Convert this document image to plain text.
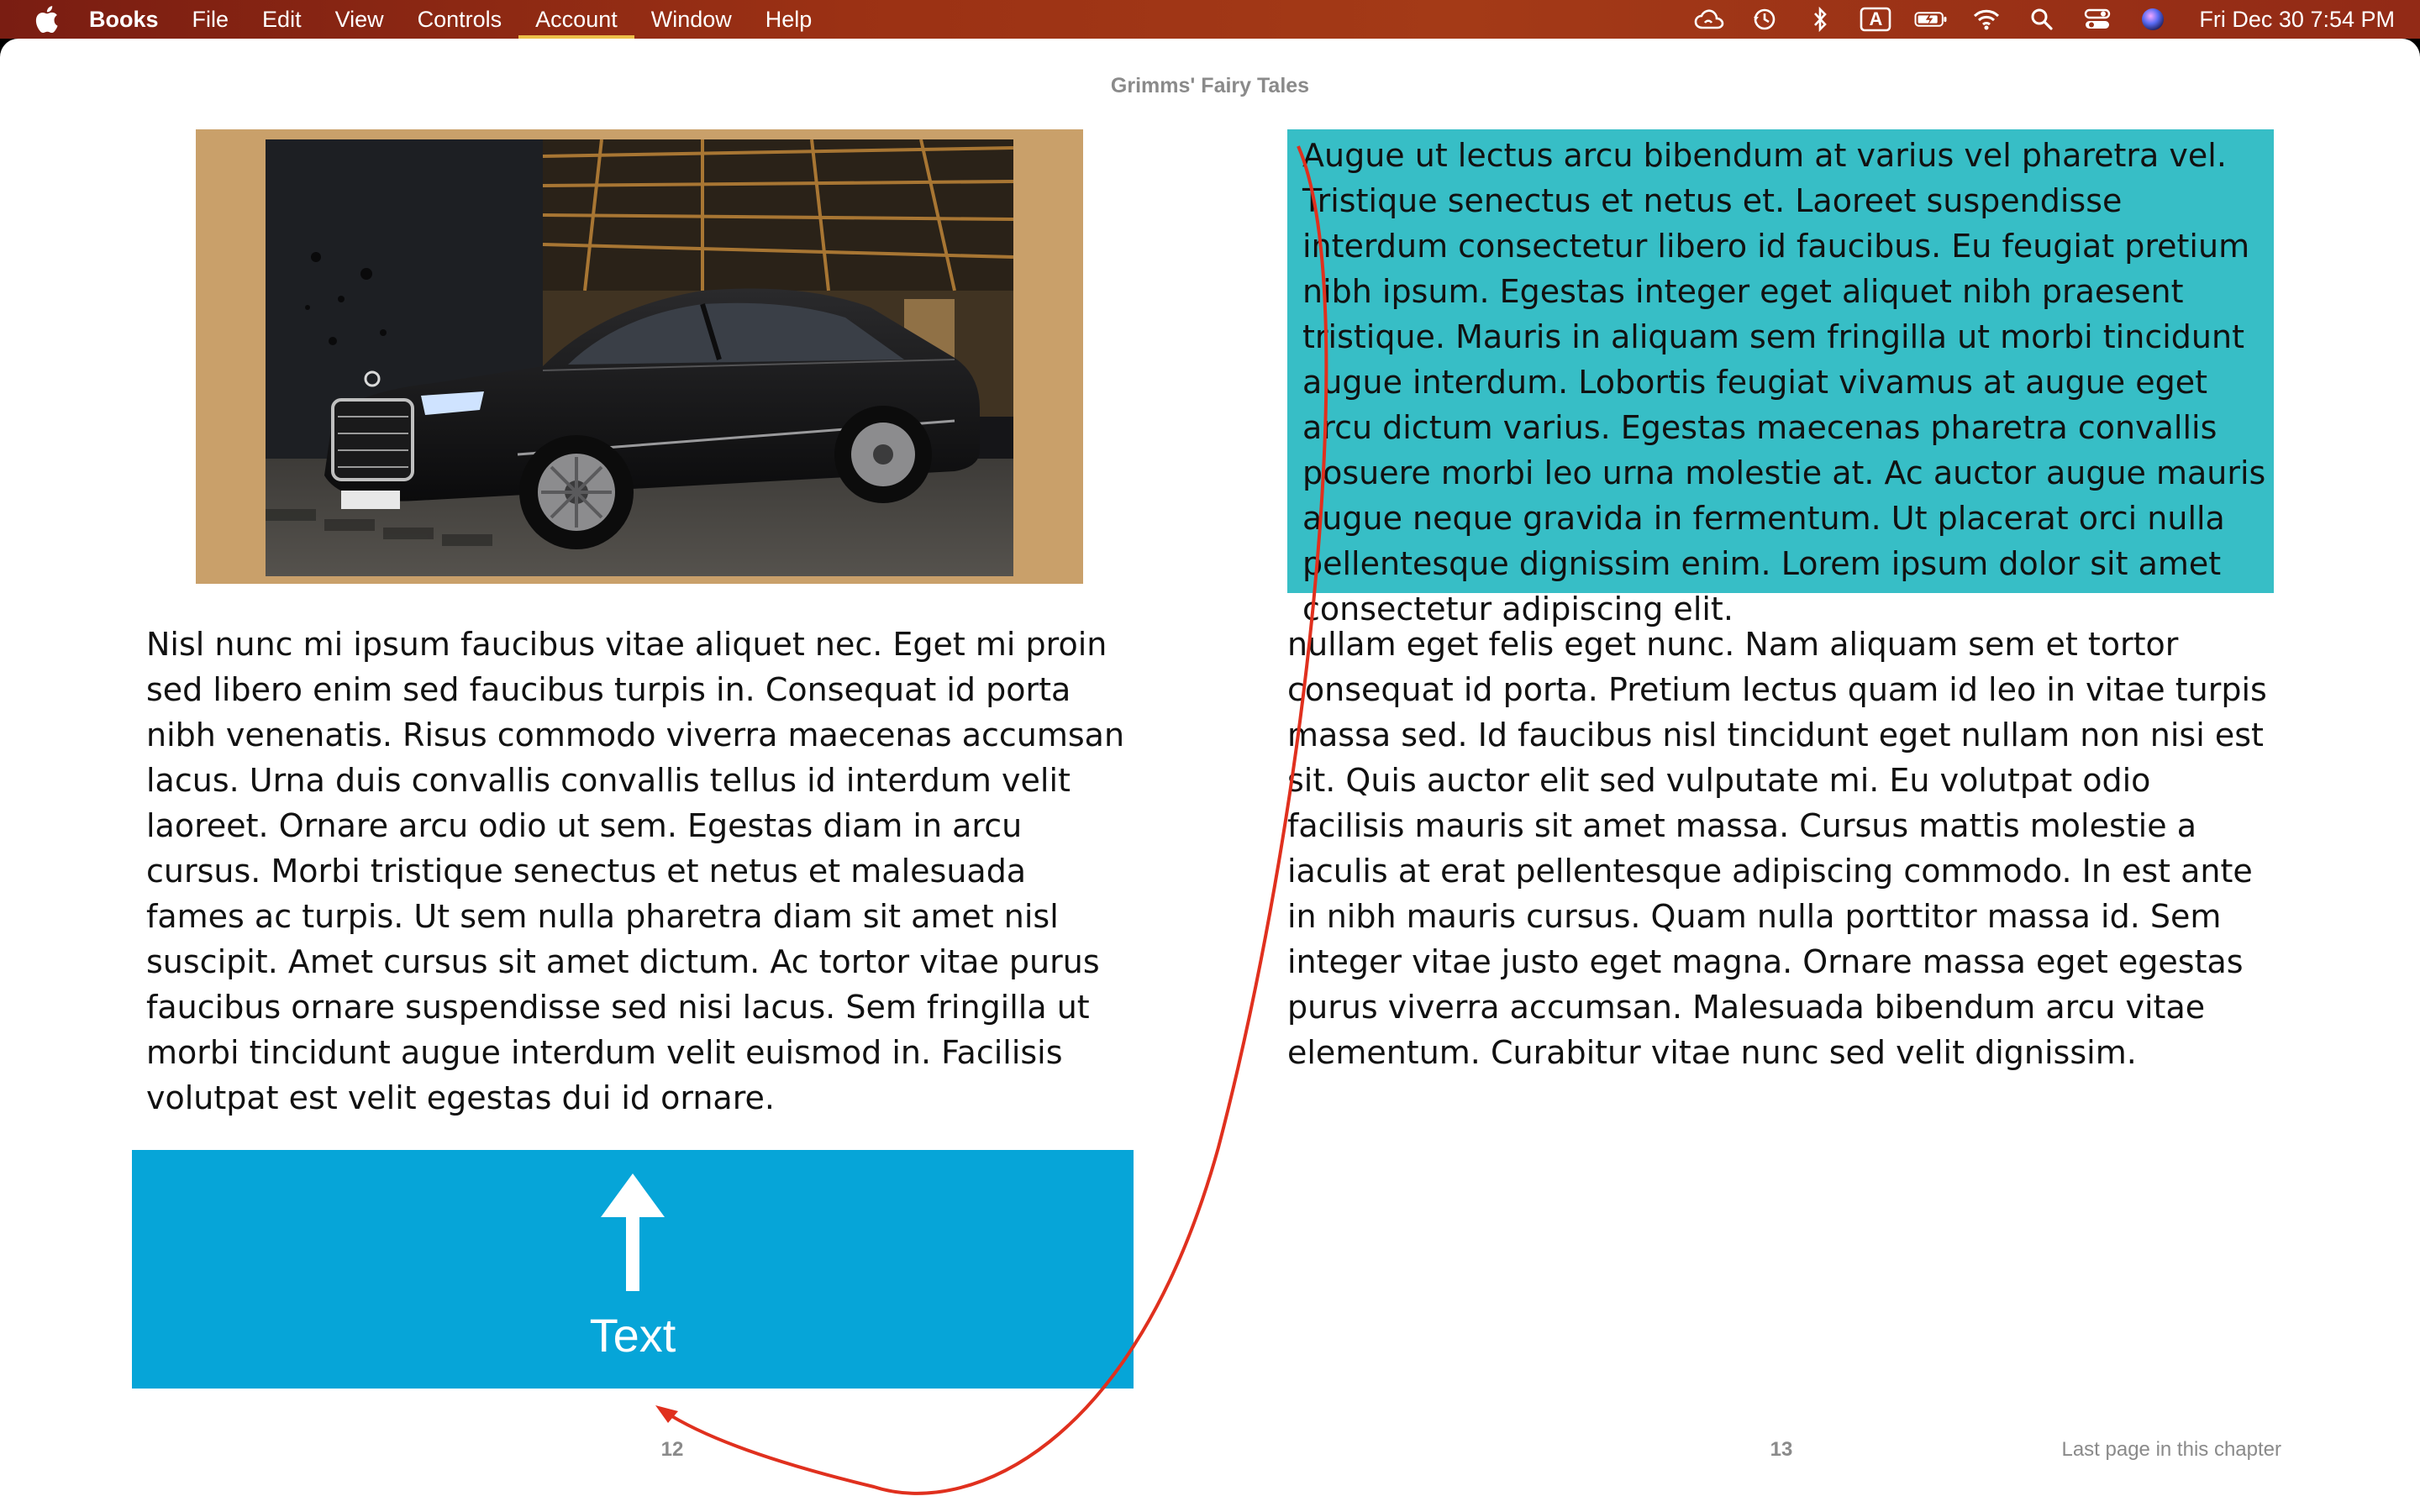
Books	File	Edit	View	Controls	Account	Window	Help	A	Fri Dec 30 7:54 PM
Grimms' Fairy Tales

Nisl nunc mi ipsum faucibus vitae aliquet nec. Eget mi proin sed libero enim sed faucibus turpis in. Consequat id porta nibh venenatis. Risus commodo viverra maecenas accumsan lacus. Urna duis convallis convallis tellus id interdum velit laoreet. Ornare arcu odio ut sem. Egestas diam in arcu cursus. Morbi tristique senectus et netus et malesuada fames ac turpis. Ut sem nulla pharetra diam sit amet nisl suscipit. Amet cursus sit amet dictum. Ac tortor vitae purus faucibus ornare suspendisse sed nisi lacus. Sem fringilla ut morbi tincidunt augue interdum velit euismod in. Facilisis volutpat est velit egestas dui id ornare.

Text
12

Augue ut lectus arcu bibendum at varius vel pharetra vel. Tristique senectus et netus et. Laoreet suspendisse interdum consectetur libero id faucibus. Eu feugiat pretium nibh ipsum. Egestas integer eget aliquet nibh praesent tristique. Mauris in aliquam sem fringilla ut morbi tincidunt augue interdum. Lobortis feugiat vivamus at augue eget arcu dictum varius. Egestas maecenas pharetra convallis posuere morbi leo urna molestie at. Ac auctor augue mauris augue neque gravida in fermentum. Ut placerat orci nulla pellentesque dignissim enim. Lorem ipsum dolor sit amet consectetur adipiscing elit.

nullam eget felis eget nunc. Nam aliquam sem et tortor consequat id porta. Pretium lectus quam id leo in vitae turpis massa sed. Id faucibus nisl tincidunt eget nullam non nisi est sit. Quis auctor elit sed vulputate mi. Eu volutpat odio facilisis mauris sit amet massa. Cursus mattis molestie a iaculis at erat pellentesque adipiscing commodo. In est ante in nibh mauris cursus. Quam nulla porttitor massa id. Sem integer vitae justo eget magna. Ornare massa eget egestas purus viverra accumsan. Malesuada bibendum arcu vitae elementum. Curabitur vitae nunc sed velit dignissim.

13	Last page in this chapter
